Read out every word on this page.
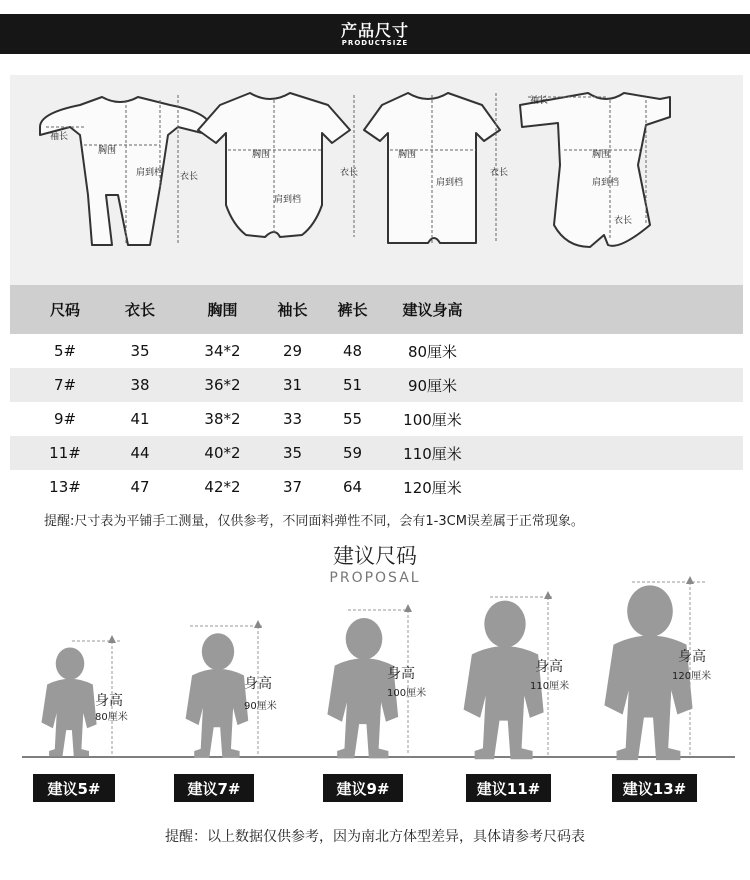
产品尺寸
PRODUCTSIZE
袖长
胸围
肩到档 衣长
胸围
肩到档
衣长
胸围
肩到档
衣长
袖长
胸围
肩到档
衣长
尺码	衣长	胸围	袖长	裤长	建议身高
5#	35	34*2	29	48	80厘米
7#	38	36*2	31	51	90厘米
9#	41	38*2	33	55	100厘米
11#	44	40*2	35	59	110厘米
13#	47	42*2	37	64	120厘米
提醒:尺寸表为平铺手工测量，仅供参考，不同面料弹性不同，会有1-3CM误差属于正常现象。
建议尺码
PROPOSAL
身高
80厘米
身高
90厘米
身高
100厘米
身高
110厘米
身高
120厘米
建议5#	建议7#	建议9#	建议11#	建议13#
提醒：以上数据仅供参考，因为南北方体型差异，具体请参考尺码表
